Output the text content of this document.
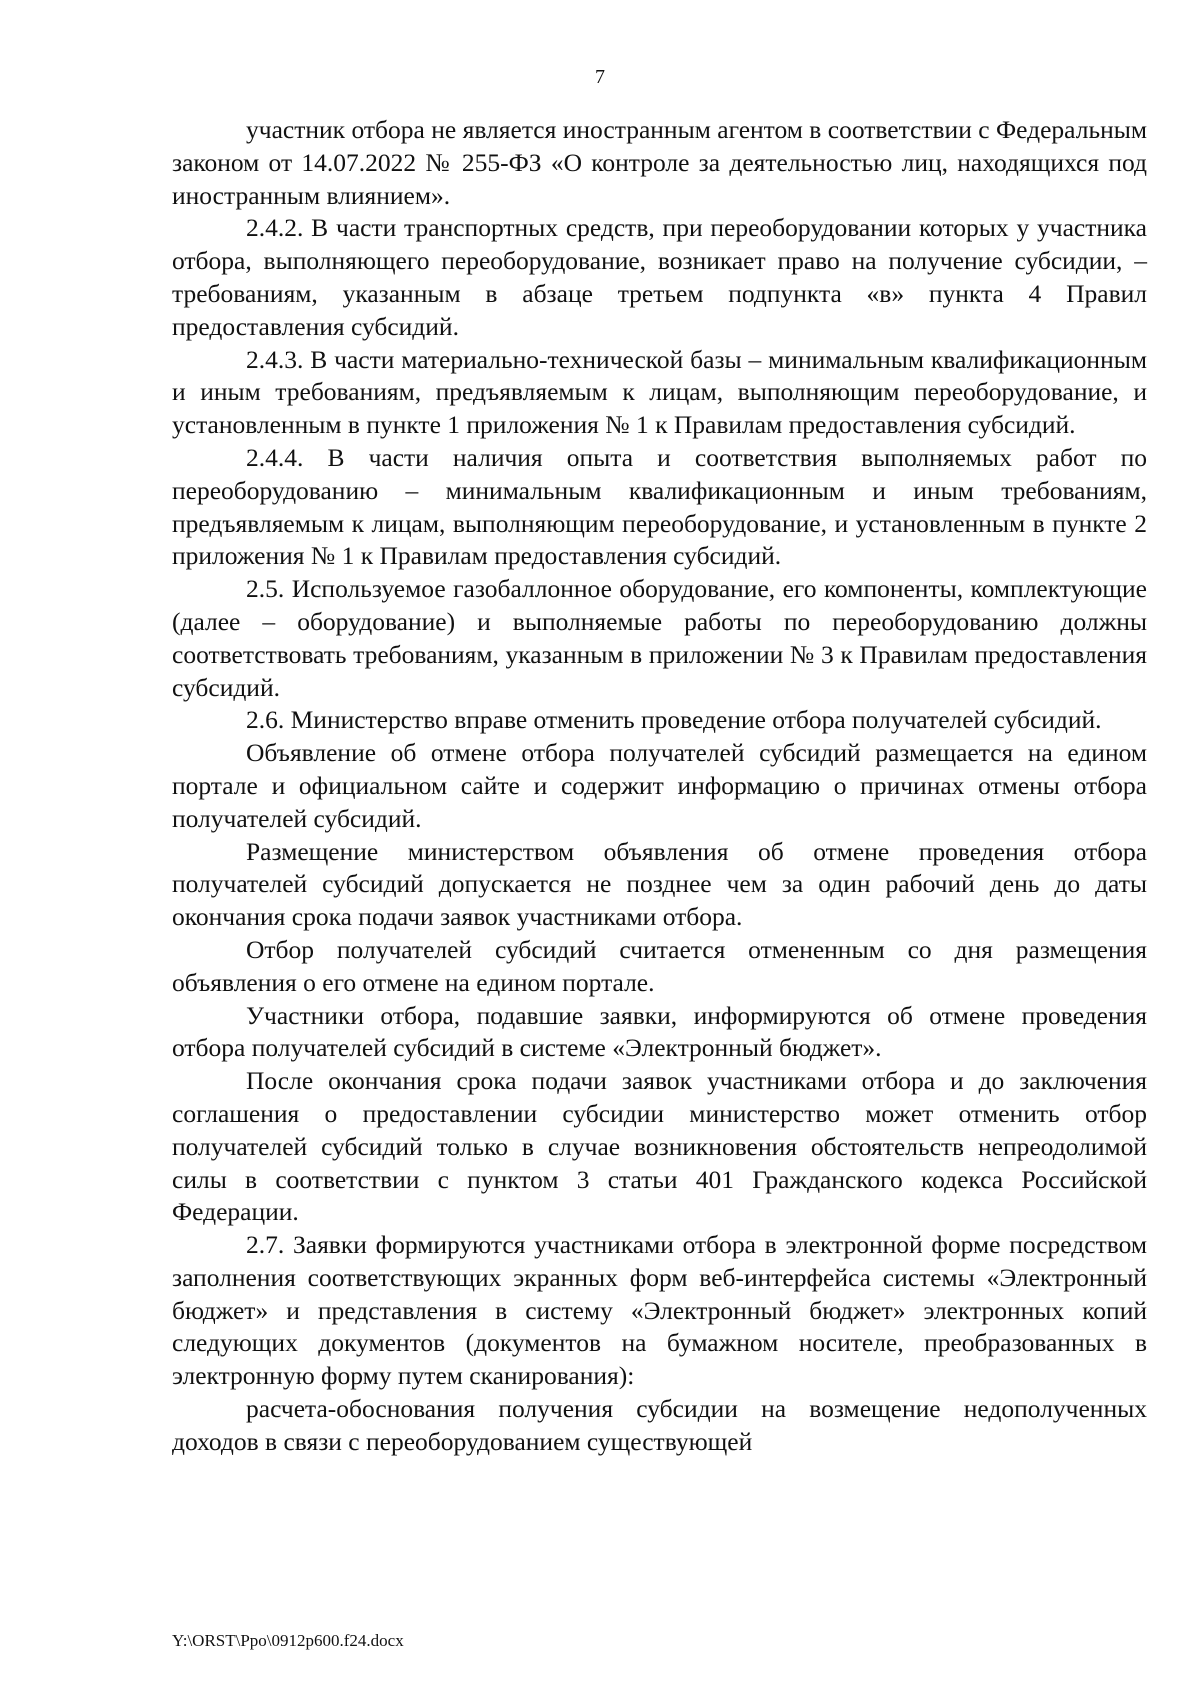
7

участник отбора не является иностранным агентом в соответствии с Федеральным законом от 14.07.2022 № 255-ФЗ «О контроле за деятельностью лиц, находящихся под иностранным влиянием».

2.4.2. В части транспортных средств, при переоборудовании которых у участника отбора, выполняющего переоборудование, возникает право на получение субсидии, – требованиям, указанным в абзаце третьем подпункта «в» пункта 4 Правил предоставления субсидий.

2.4.3. В части материально-технической базы – минимальным квалификационным и иным требованиям, предъявляемым к лицам, выполняющим переоборудование, и установленным в пункте 1 приложения № 1 к Правилам предоставления субсидий.

2.4.4. В части наличия опыта и соответствия выполняемых работ по переоборудованию – минимальным квалификационным и иным требованиям, предъявляемым к лицам, выполняющим переоборудование, и установленным в пункте 2 приложения № 1 к Правилам предоставления субсидий.

2.5. Используемое газобаллонное оборудование, его компоненты, комплектующие (далее – оборудование) и выполняемые работы по переоборудованию должны соответствовать требованиям, указанным в приложении № 3 к Правилам предоставления субсидий.

2.6. Министерство вправе отменить проведение отбора получателей субсидий.

Объявление об отмене отбора получателей субсидий размещается на едином портале и официальном сайте и содержит информацию о причинах отмены отбора получателей субсидий.

Размещение министерством объявления об отмене проведения отбора получателей субсидий допускается не позднее чем за один рабочий день до даты окончания срока подачи заявок участниками отбора.

Отбор получателей субсидий считается отмененным со дня размещения объявления о его отмене на едином портале.

Участники отбора, подавшие заявки, информируются об отмене проведения отбора получателей субсидий в системе «Электронный бюджет».

После окончания срока подачи заявок участниками отбора и до заключения соглашения о предоставлении субсидии министерство может отменить отбор получателей субсидий только в случае возникновения обстоятельств непреодолимой силы в соответствии с пунктом 3 статьи 401 Гражданского кодекса Российской Федерации.

2.7. Заявки формируются участниками отбора в электронной форме посредством заполнения соответствующих экранных форм веб-интерфейса системы «Электронный бюджет» и представления в систему «Электронный бюджет» электронных копий следующих документов (документов на бумажном носителе, преобразованных в электронную форму путем сканирования):

расчета-обоснования получения субсидии на возмещение недополученных доходов в связи с переоборудованием существующей

Y:\ORST\Ppo\0912p600.f24.docx
